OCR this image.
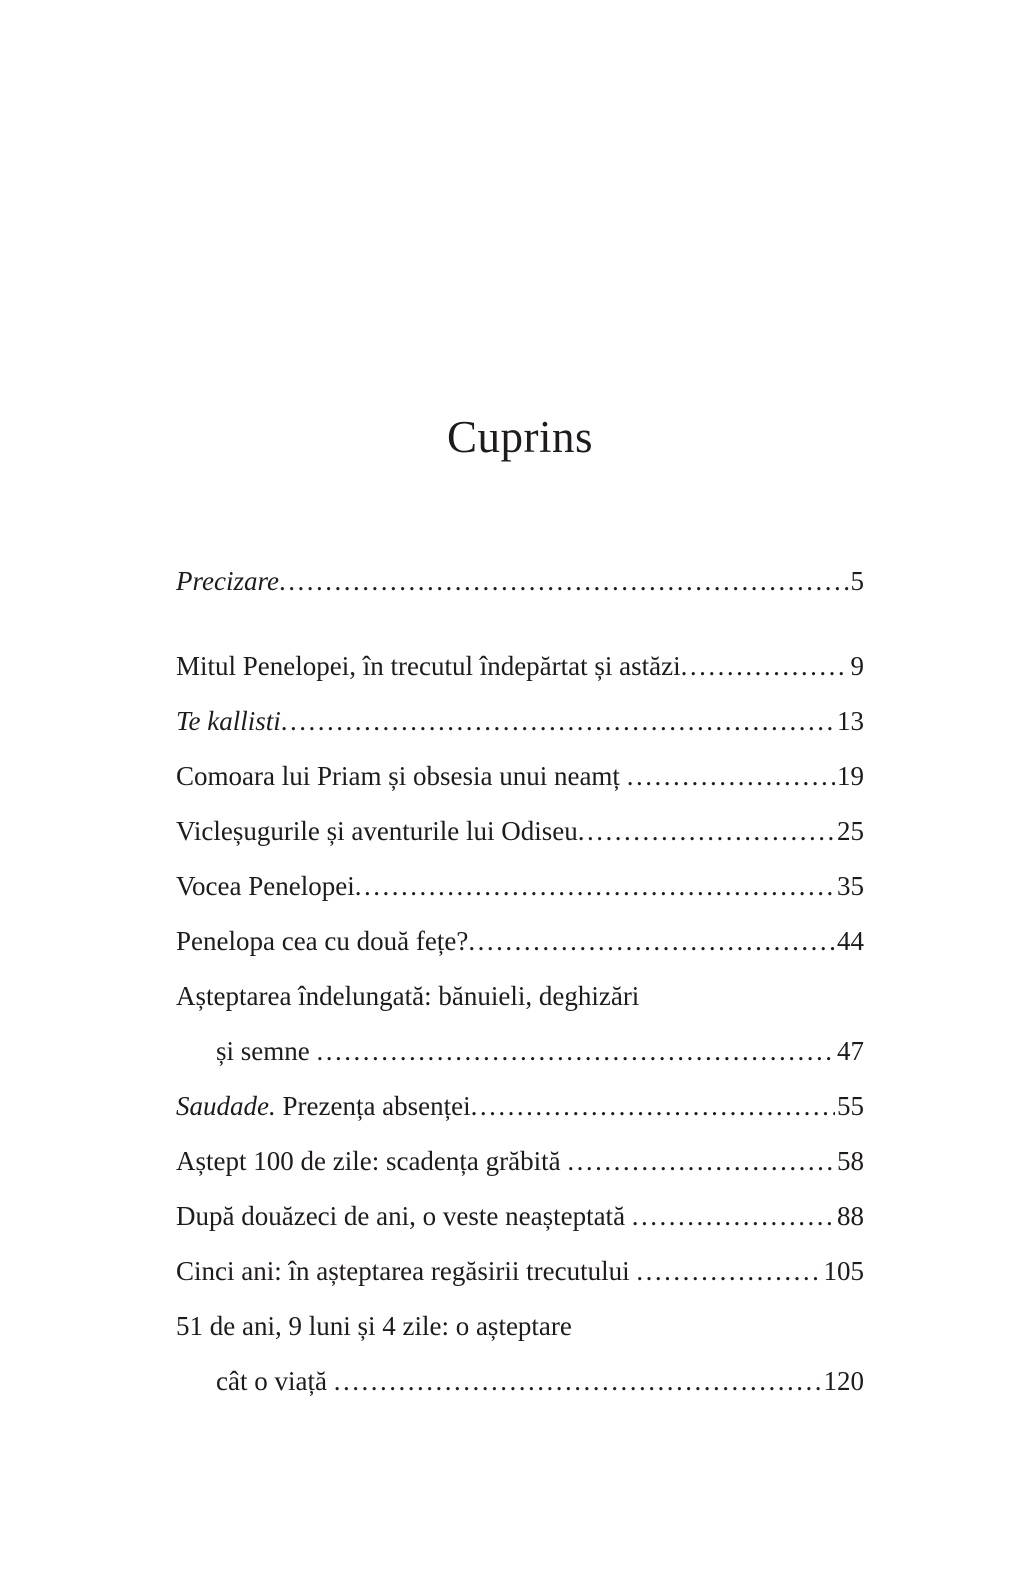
Cuprins
Precizare .....	5
Mitul Penelopei, în trecutul îndepărtat și astăzi .....	9
Te kallisti .....	13
Comoara lui Priam și obsesia unui neamț .....	19
Vicleșugurile și aventurile lui Odiseu .....	25
Vocea Penelopei .....	35
Penelopa cea cu două fețe? .....	44
Așteptarea îndelungată: bănuieli, deghizări
și semne .....	47
Saudade. Prezența absenței .....	55
Aștept 100 de zile: scadența grăbită .....	58
După douăzeci de ani, o veste neașteptată .....	88
Cinci ani: în așteptarea regăsirii trecutului .....	105
51 de ani, 9 luni și 4 zile: o așteptare
cât o viață .....	120
